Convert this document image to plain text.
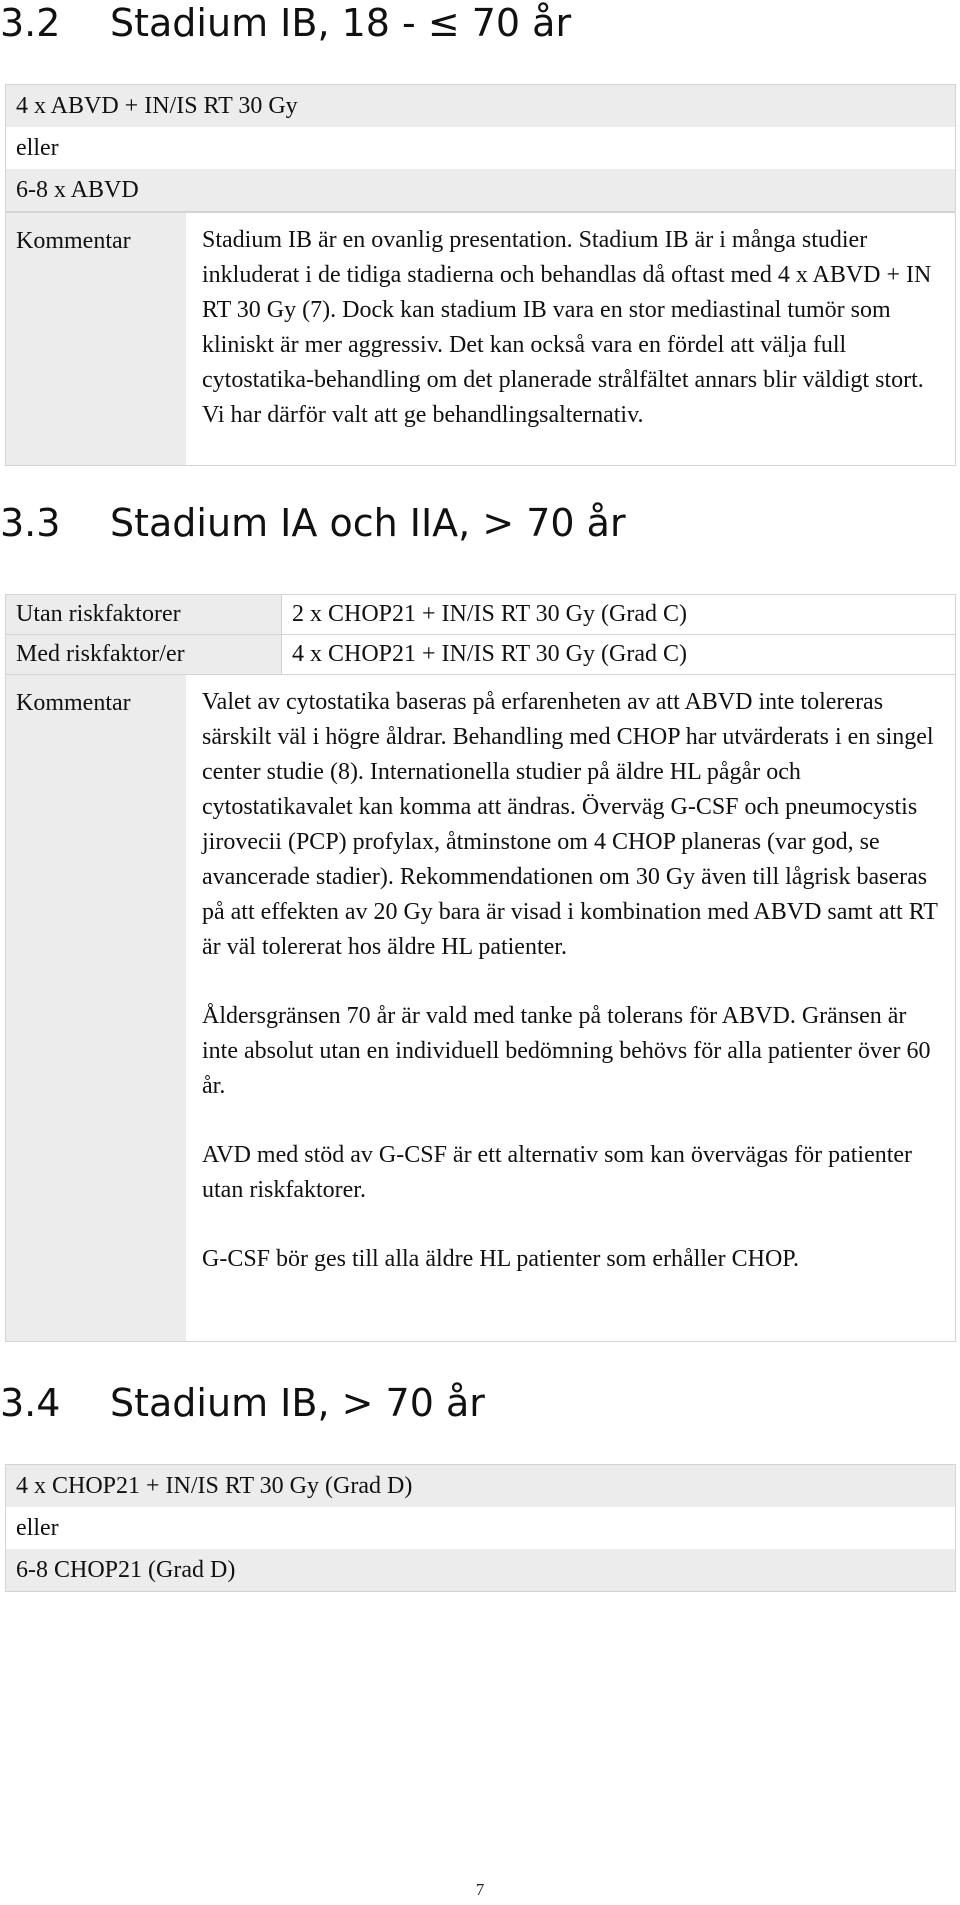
3.2 Stadium IB, 18 - ≤ 70 år
4 x ABVD + IN/IS RT 30 Gy
eller
6-8 x ABVD
Kommentar	Stadium IB är en ovanlig presentation. Stadium IB är i många studier inkluderat i de tidiga stadierna och behandlas då oftast med 4 x ABVD + IN RT 30 Gy (7). Dock kan stadium IB vara en stor mediastinal tumör som kliniskt är mer aggressiv. Det kan också vara en fördel att välja full cytostatika-behandling om det planerade strålfältet annars blir väldigt stort. Vi har därför valt att ge behandlingsalternativ.

3.3 Stadium IA och IIA, > 70 år
Utan riskfaktorer	2 x CHOP21 + IN/IS RT 30 Gy (Grad C)
Med riskfaktor/er	4 x CHOP21 + IN/IS RT 30 Gy (Grad C)
Kommentar	Valet av cytostatika baseras på erfarenheten av att ABVD inte tolereras särskilt väl i högre åldrar. Behandling med CHOP har utvärderats i en singel center studie (8). Internationella studier på äldre HL pågår och cytostatikavalet kan komma att ändras. Överväg G-CSF och pneumocystis jirovecii (PCP) profylax, åtminstone om 4 CHOP planeras (var god, se avancerade stadier). Rekommendationen om 30 Gy även till lågrisk baseras på att effekten av 20 Gy bara är visad i kombination med ABVD samt att RT är väl tolererat hos äldre HL patienter.

Åldersgränsen 70 år är vald med tanke på tolerans för ABVD. Gränsen är inte absolut utan en individuell bedömning behövs för alla patienter över 60 år.

AVD med stöd av G-CSF är ett alternativ som kan övervägas för patienter utan riskfaktorer.

G-CSF bör ges till alla äldre HL patienter som erhåller CHOP.

3.4 Stadium IB, > 70 år
4 x CHOP21 + IN/IS RT 30 Gy (Grad D)
eller
6-8 CHOP21 (Grad D)
7
